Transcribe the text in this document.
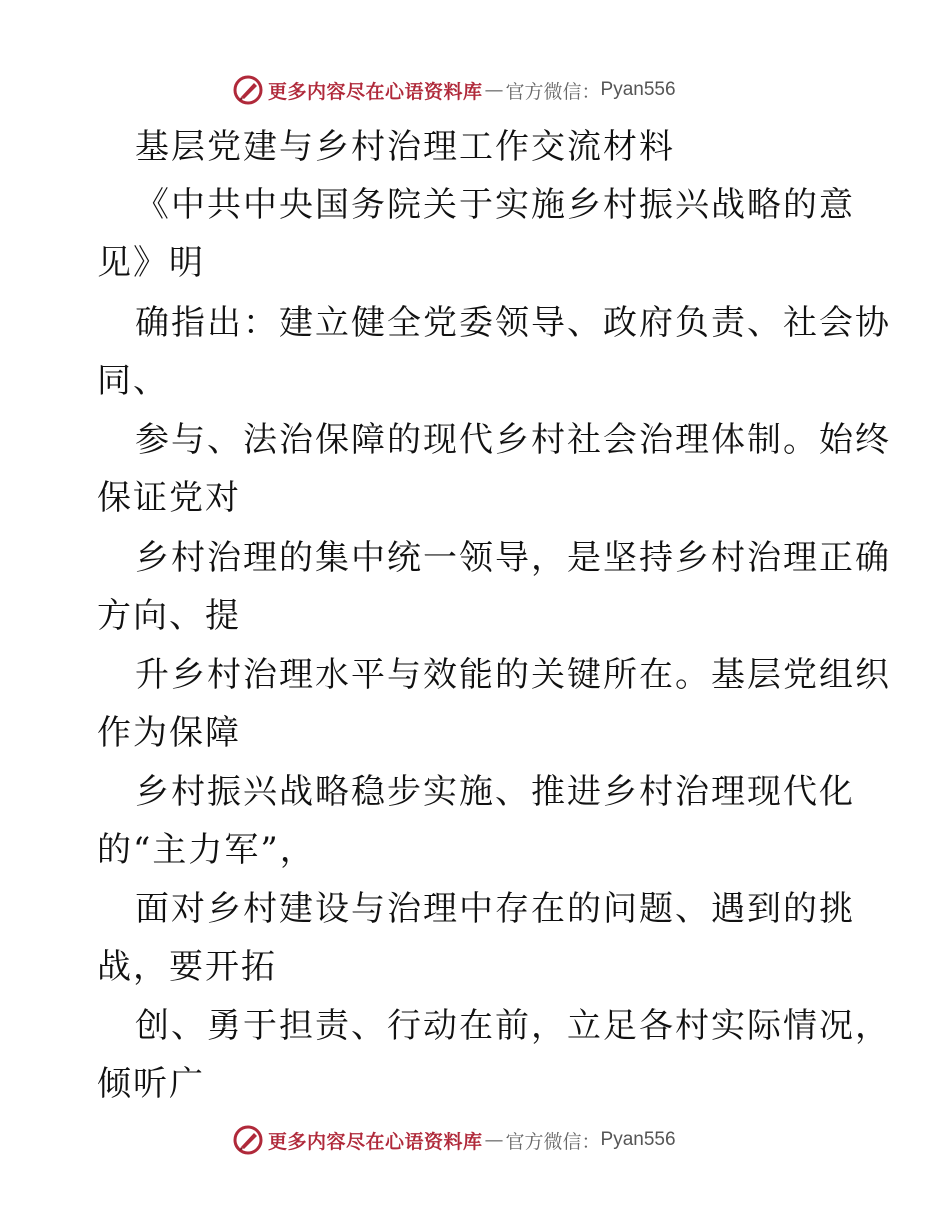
更多内容尽在心语资料库 — 官方微信： Pyan556
基层党建与乡村治理工作交流材料
《中共中央国务院关于实施乡村振兴战略的意
见》明
确指出：建立健全党委领导、政府负责、社会协
同、
参与、法治保障的现代乡村社会治理体制。始终
保证党对
乡村治理的集中统一领导，是坚持乡村治理正确
方向、提
升乡村治理水平与效能的关键所在。基层党组织
作为保障
乡村振兴战略稳步实施、推进乡村治理现代化
的“主力军”，
面对乡村建设与治理中存在的问题、遇到的挑
战，要开拓
创、勇于担责、行动在前，立足各村实际情况，
倾听广
更多内容尽在心语资料库 — 官方微信： Pyan556
